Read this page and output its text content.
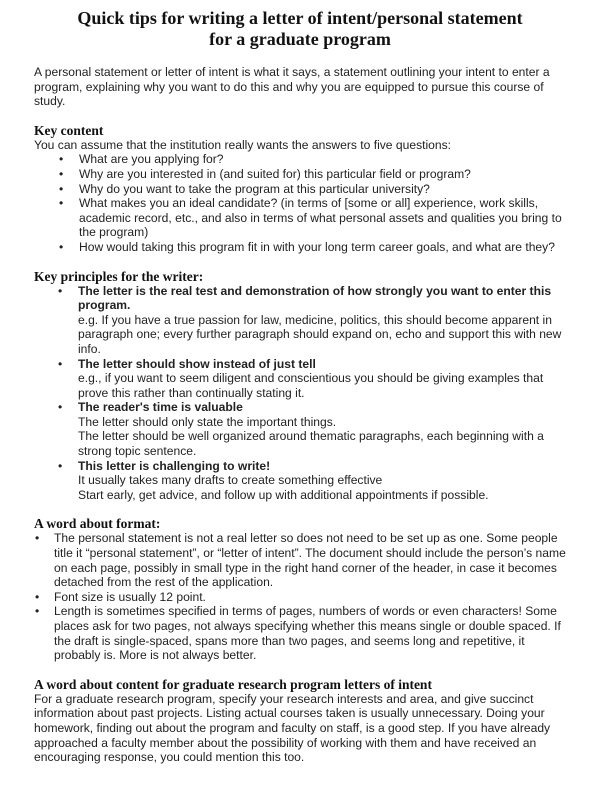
Quick tips for writing a letter of intent/personal statement
for a graduate program

A personal statement or letter of intent is what it says, a statement outlining your intent to enter a program, explaining why you want to do this and why you are equipped to pursue this course of study.

Key content

You can assume that the institution really wants the answers to five questions:

• What are you applying for?
• Why are you interested in (and suited for) this particular field or program?
• Why do you want to take the program at this particular university?
• What makes you an ideal candidate? (in terms of [some or all] experience, work skills, academic record, etc., and also in terms of what personal assets and qualities you bring to the program)
• How would taking this program fit in with your long term career goals, and what are they?
Key principles for the writer:
• The letter is the real test and demonstration of how strongly you want to enter this program.
e.g. If you have a true passion for law, medicine, politics, this should become apparent in paragraph one; every further paragraph should expand on, echo and support this with new info.
• The letter should show instead of just tell
e.g., if you want to seem diligent and conscientious you should be giving examples that prove this rather than continually stating it.
• The reader's time is valuable
The letter should only state the important things.
The letter should be well organized around thematic paragraphs, each beginning with a strong topic sentence.
• This letter is challenging to write!
It usually takes many drafts to create something effective
Start early, get advice, and follow up with additional appointments if possible.
A word about format:
• The personal statement is not a real letter so does not need to be set up as one. Some people title it “personal statement”, or “letter of intent”. The document should include the person’s name on each page, possibly in small type in the right hand corner of the header, in case it becomes detached from the rest of the application.
• Font size is usually 12 point.
• Length is sometimes specified in terms of pages, numbers of words or even characters! Some places ask for two pages, not always specifying whether this means single or double spaced. If the draft is single-spaced, spans more than two pages, and seems long and repetitive, it probably is. More is not always better.
A word about content for graduate research program letters of intent

For a graduate research program, specify your research interests and area, and give succinct information about past projects. Listing actual courses taken is usually unnecessary. Doing your homework, finding out about the program and faculty on staff, is a good step. If you have already approached a faculty member about the possibility of working with them and have received an encouraging response, you could mention this too.
